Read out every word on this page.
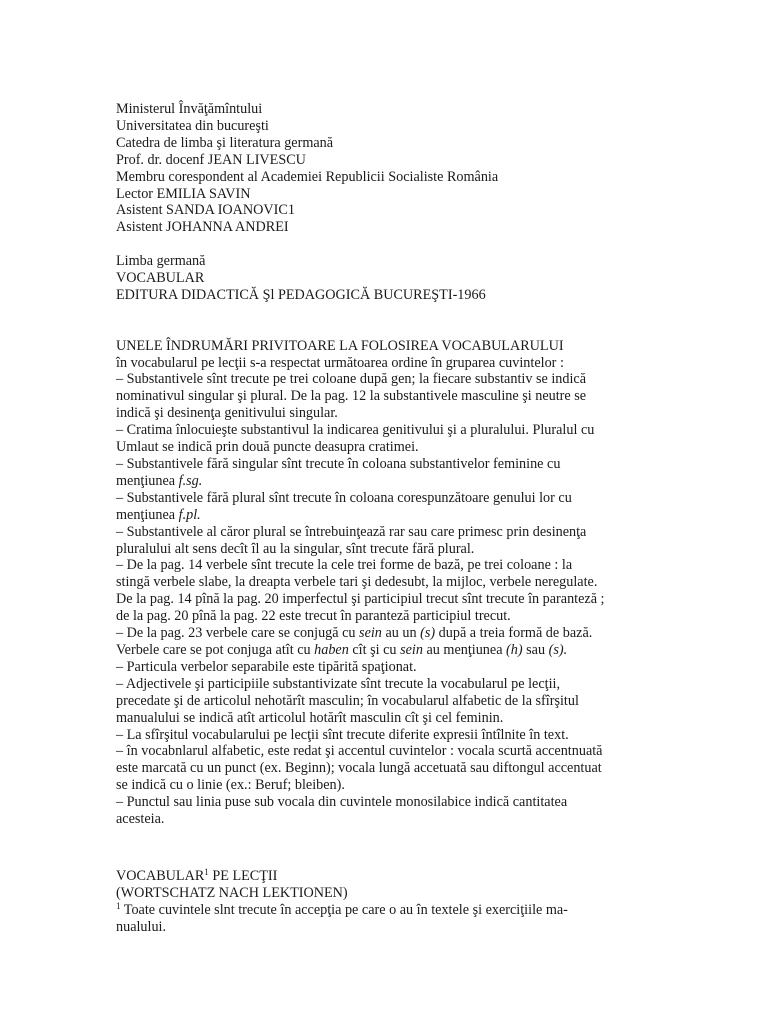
Ministerul Învăţămîntului
Universitatea din bucureşti
Catedra de limba şi literatura germană
Prof. dr. docenf JEAN LIVESCU
Membru corespondent al Academiei Republicii Socialiste România
Lector EMILIA SAVIN
Asistent SANDA IOANOVIC1
Asistent JOHANNA ANDREI
Limba germană
VOCABULAR
EDITURA DIDACTICĂ Şl PEDAGOGICĂ BUCUREŞTI-1966
UNELE ÎNDRUMĂRI PRIVITOARE LA FOLOSIREA VOCABULARULUI
în vocabularul pe lecţii s-a respectat următoarea ordine în gruparea cuvintelor :
– Substantivele sînt trecute pe trei coloane după gen; la fiecare substantiv se indică
nominativul singular şi plural. De la pag. 12 la substantivele masculine şi neutre se
indică şi desinenţa genitivului singular.
– Cratima înlocuieşte substantivul la indicarea genitivului şi a pluralului. Pluralul cu
Umlaut se indică prin două puncte deasupra cratimei.
– Substantivele fără singular sînt trecute în coloana substantivelor feminine cu
menţiunea f.sg.
– Substantivele fără plural sînt trecute în coloana corespunzătoare genului lor cu
menţiunea f.pl.
– Substantivele al căror plural se întrebuinţează rar sau care primesc prin desinenţa
pluralului alt sens decît îl au la singular, sînt trecute fără plural.
– De la pag. 14 verbele sînt trecute la cele trei forme de bază, pe trei coloane : la
stingă verbele slabe, la dreapta verbele tari şi dedesubt, la mijloc, verbele neregulate.
De la pag. 14 pînă la pag. 20 imperfectul şi participiul trecut sînt trecute în paranteză ;
de la pag. 20 pînă la pag. 22 este trecut în paranteză participiul trecut.
– De la pag. 23 verbele care se conjugă cu sein au un (s) după a treia formă de bază.
Verbele care se pot conjuga atît cu haben cît şi cu sein au menţiunea (h) sau (s).
– Particula verbelor separabile este tipărită spaţionat.
– Adjectivele şi participiile substantivizate sînt trecute la vocabularul pe lecţii,
precedate şi de articolul nehotărît masculin; în vocabularul alfabetic de la sfîrşitul
manualului se indică atît articolul hotărît masculin cît şi cel feminin.
– La sfîrşitul vocabularului pe lecţii sînt trecute diferite expresii întîlnite în text.
– în vocabnlarul alfabetic, este redat şi accentul cuvintelor : vocala scurtă accentnuată
este marcată cu un punct (ex. Beginn); vocala lungă accetuată sau diftongul accentuat
se indică cu o linie (ex.: Beruf; bleiben).
– Punctul sau linia puse sub vocala din cuvintele monosilabice indică cantitatea
acesteia.
VOCABULAR$^1$ PE LECŢII
(WORTSCHATZ NACH LEKTIONEN)
$^1$ Toate cuvintele slnt trecute în accepţia pe care o au în textele şi exerciţiile ma-
nualului.
